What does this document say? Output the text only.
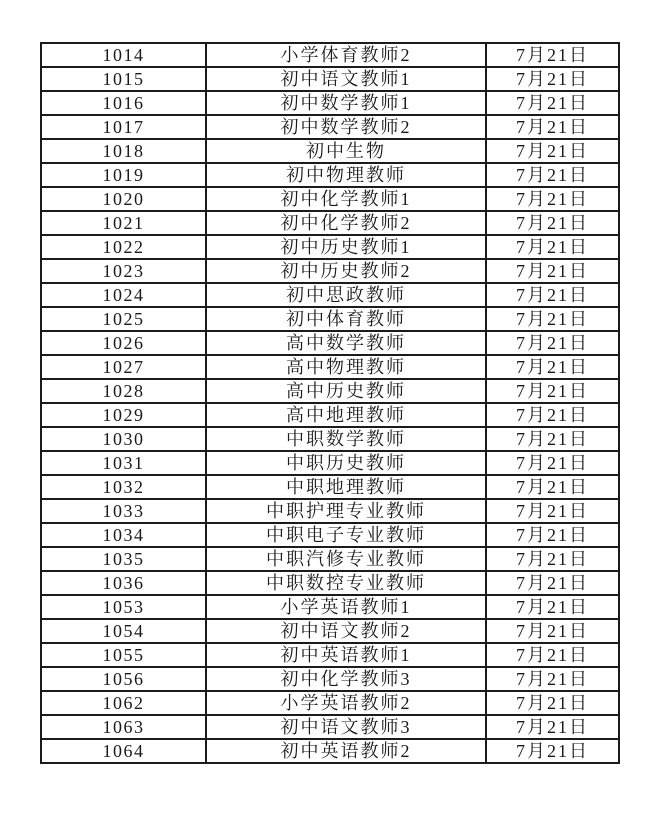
1014	小学体育教师2	7月21日
1015	初中语文教师1	7月21日
1016	初中数学教师1	7月21日
1017	初中数学教师2	7月21日
1018	初中生物	7月21日
1019	初中物理教师	7月21日
1020	初中化学教师1	7月21日
1021	初中化学教师2	7月21日
1022	初中历史教师1	7月21日
1023	初中历史教师2	7月21日
1024	初中思政教师	7月21日
1025	初中体育教师	7月21日
1026	高中数学教师	7月21日
1027	高中物理教师	7月21日
1028	高中历史教师	7月21日
1029	高中地理教师	7月21日
1030	中职数学教师	7月21日
1031	中职历史教师	7月21日
1032	中职地理教师	7月21日
1033	中职护理专业教师	7月21日
1034	中职电子专业教师	7月21日
1035	中职汽修专业教师	7月21日
1036	中职数控专业教师	7月21日
1053	小学英语教师1	7月21日
1054	初中语文教师2	7月21日
1055	初中英语教师1	7月21日
1056	初中化学教师3	7月21日
1062	小学英语教师2	7月21日
1063	初中语文教师3	7月21日
1064	初中英语教师2	7月21日
